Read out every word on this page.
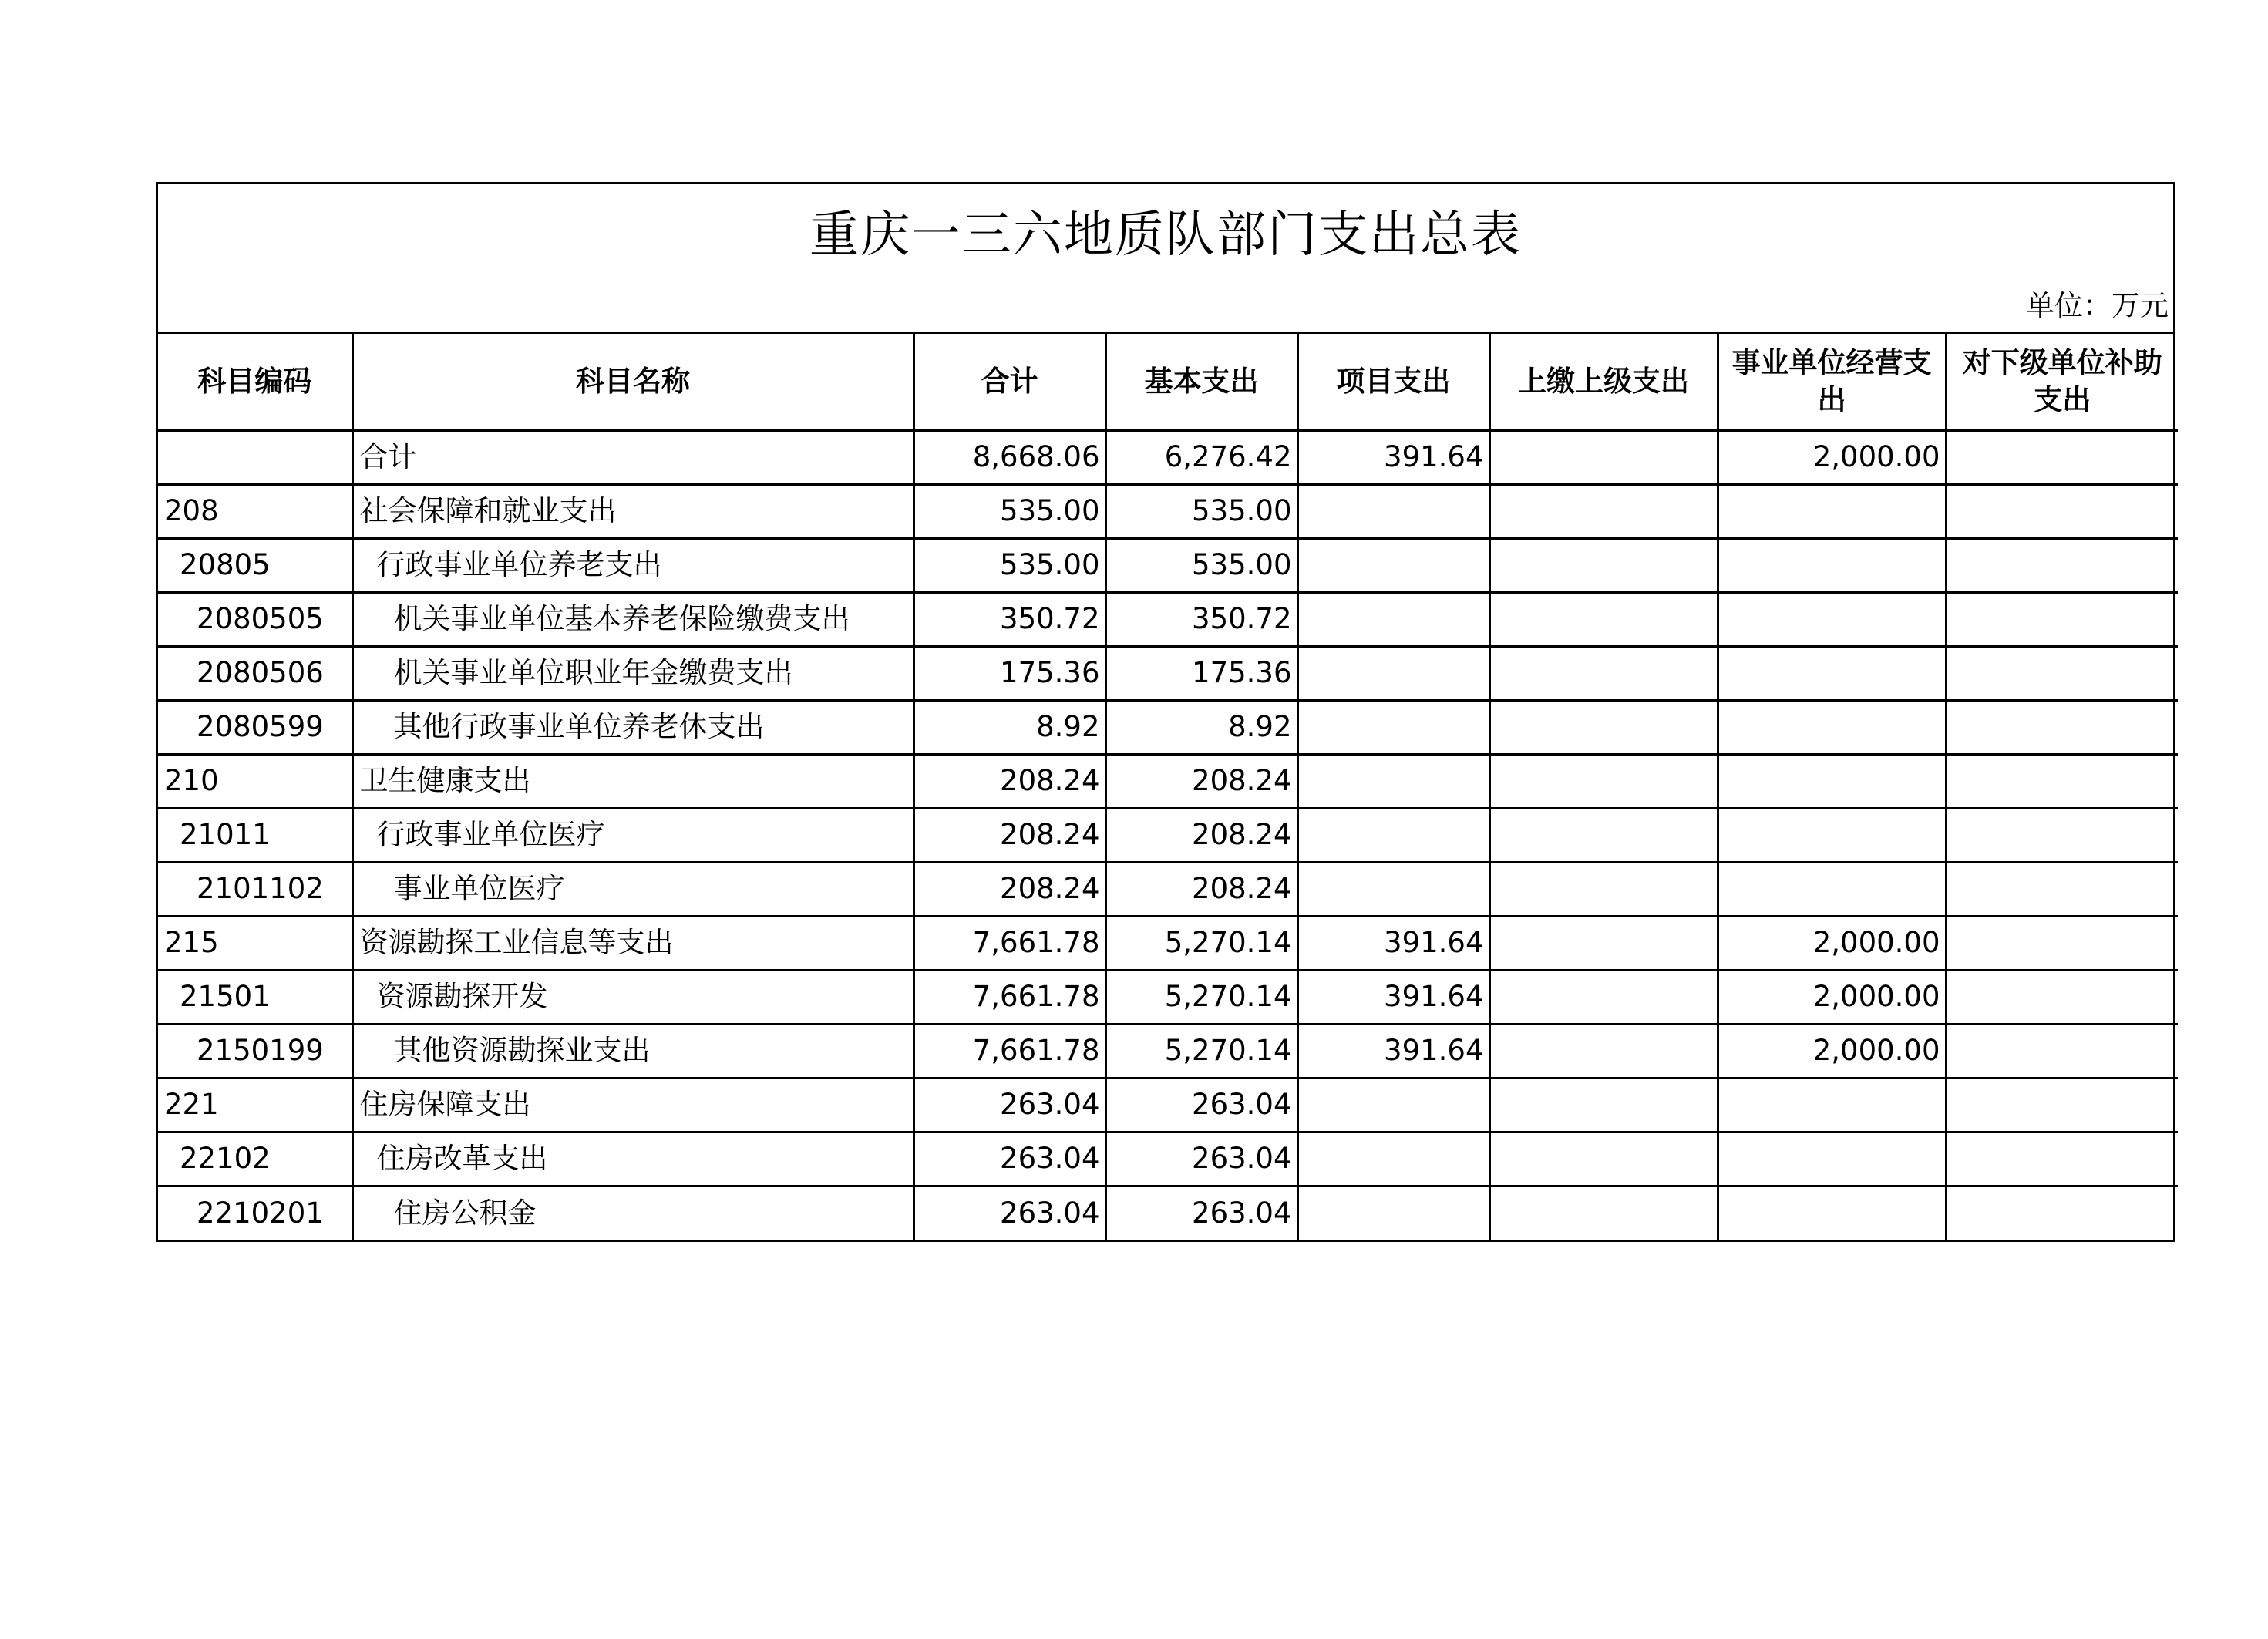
重庆一三六地质队部门支出总表
单位：万元
科目编码	科目名称	合计	基本支出	项目支出	上缴上级支出	事业单位经营支出	对下级单位补助支出
	合计	8,668.06	6,276.42	391.64		2,000.00	
208	社会保障和就业支出	535.00	535.00				
20805	行政事业单位养老支出	535.00	535.00				
2080505	机关事业单位基本养老保险缴费支出	350.72	350.72				
2080506	机关事业单位职业年金缴费支出	175.36	175.36				
2080599	其他行政事业单位养老休支出	8.92	8.92				
210	卫生健康支出	208.24	208.24				
21011	行政事业单位医疗	208.24	208.24				
2101102	事业单位医疗	208.24	208.24				
215	资源勘探工业信息等支出	7,661.78	5,270.14	391.64		2,000.00	
21501	资源勘探开发	7,661.78	5,270.14	391.64		2,000.00	
2150199	其他资源勘探业支出	7,661.78	5,270.14	391.64		2,000.00	
221	住房保障支出	263.04	263.04				
22102	住房改革支出	263.04	263.04				
2210201	住房公积金	263.04	263.04				
